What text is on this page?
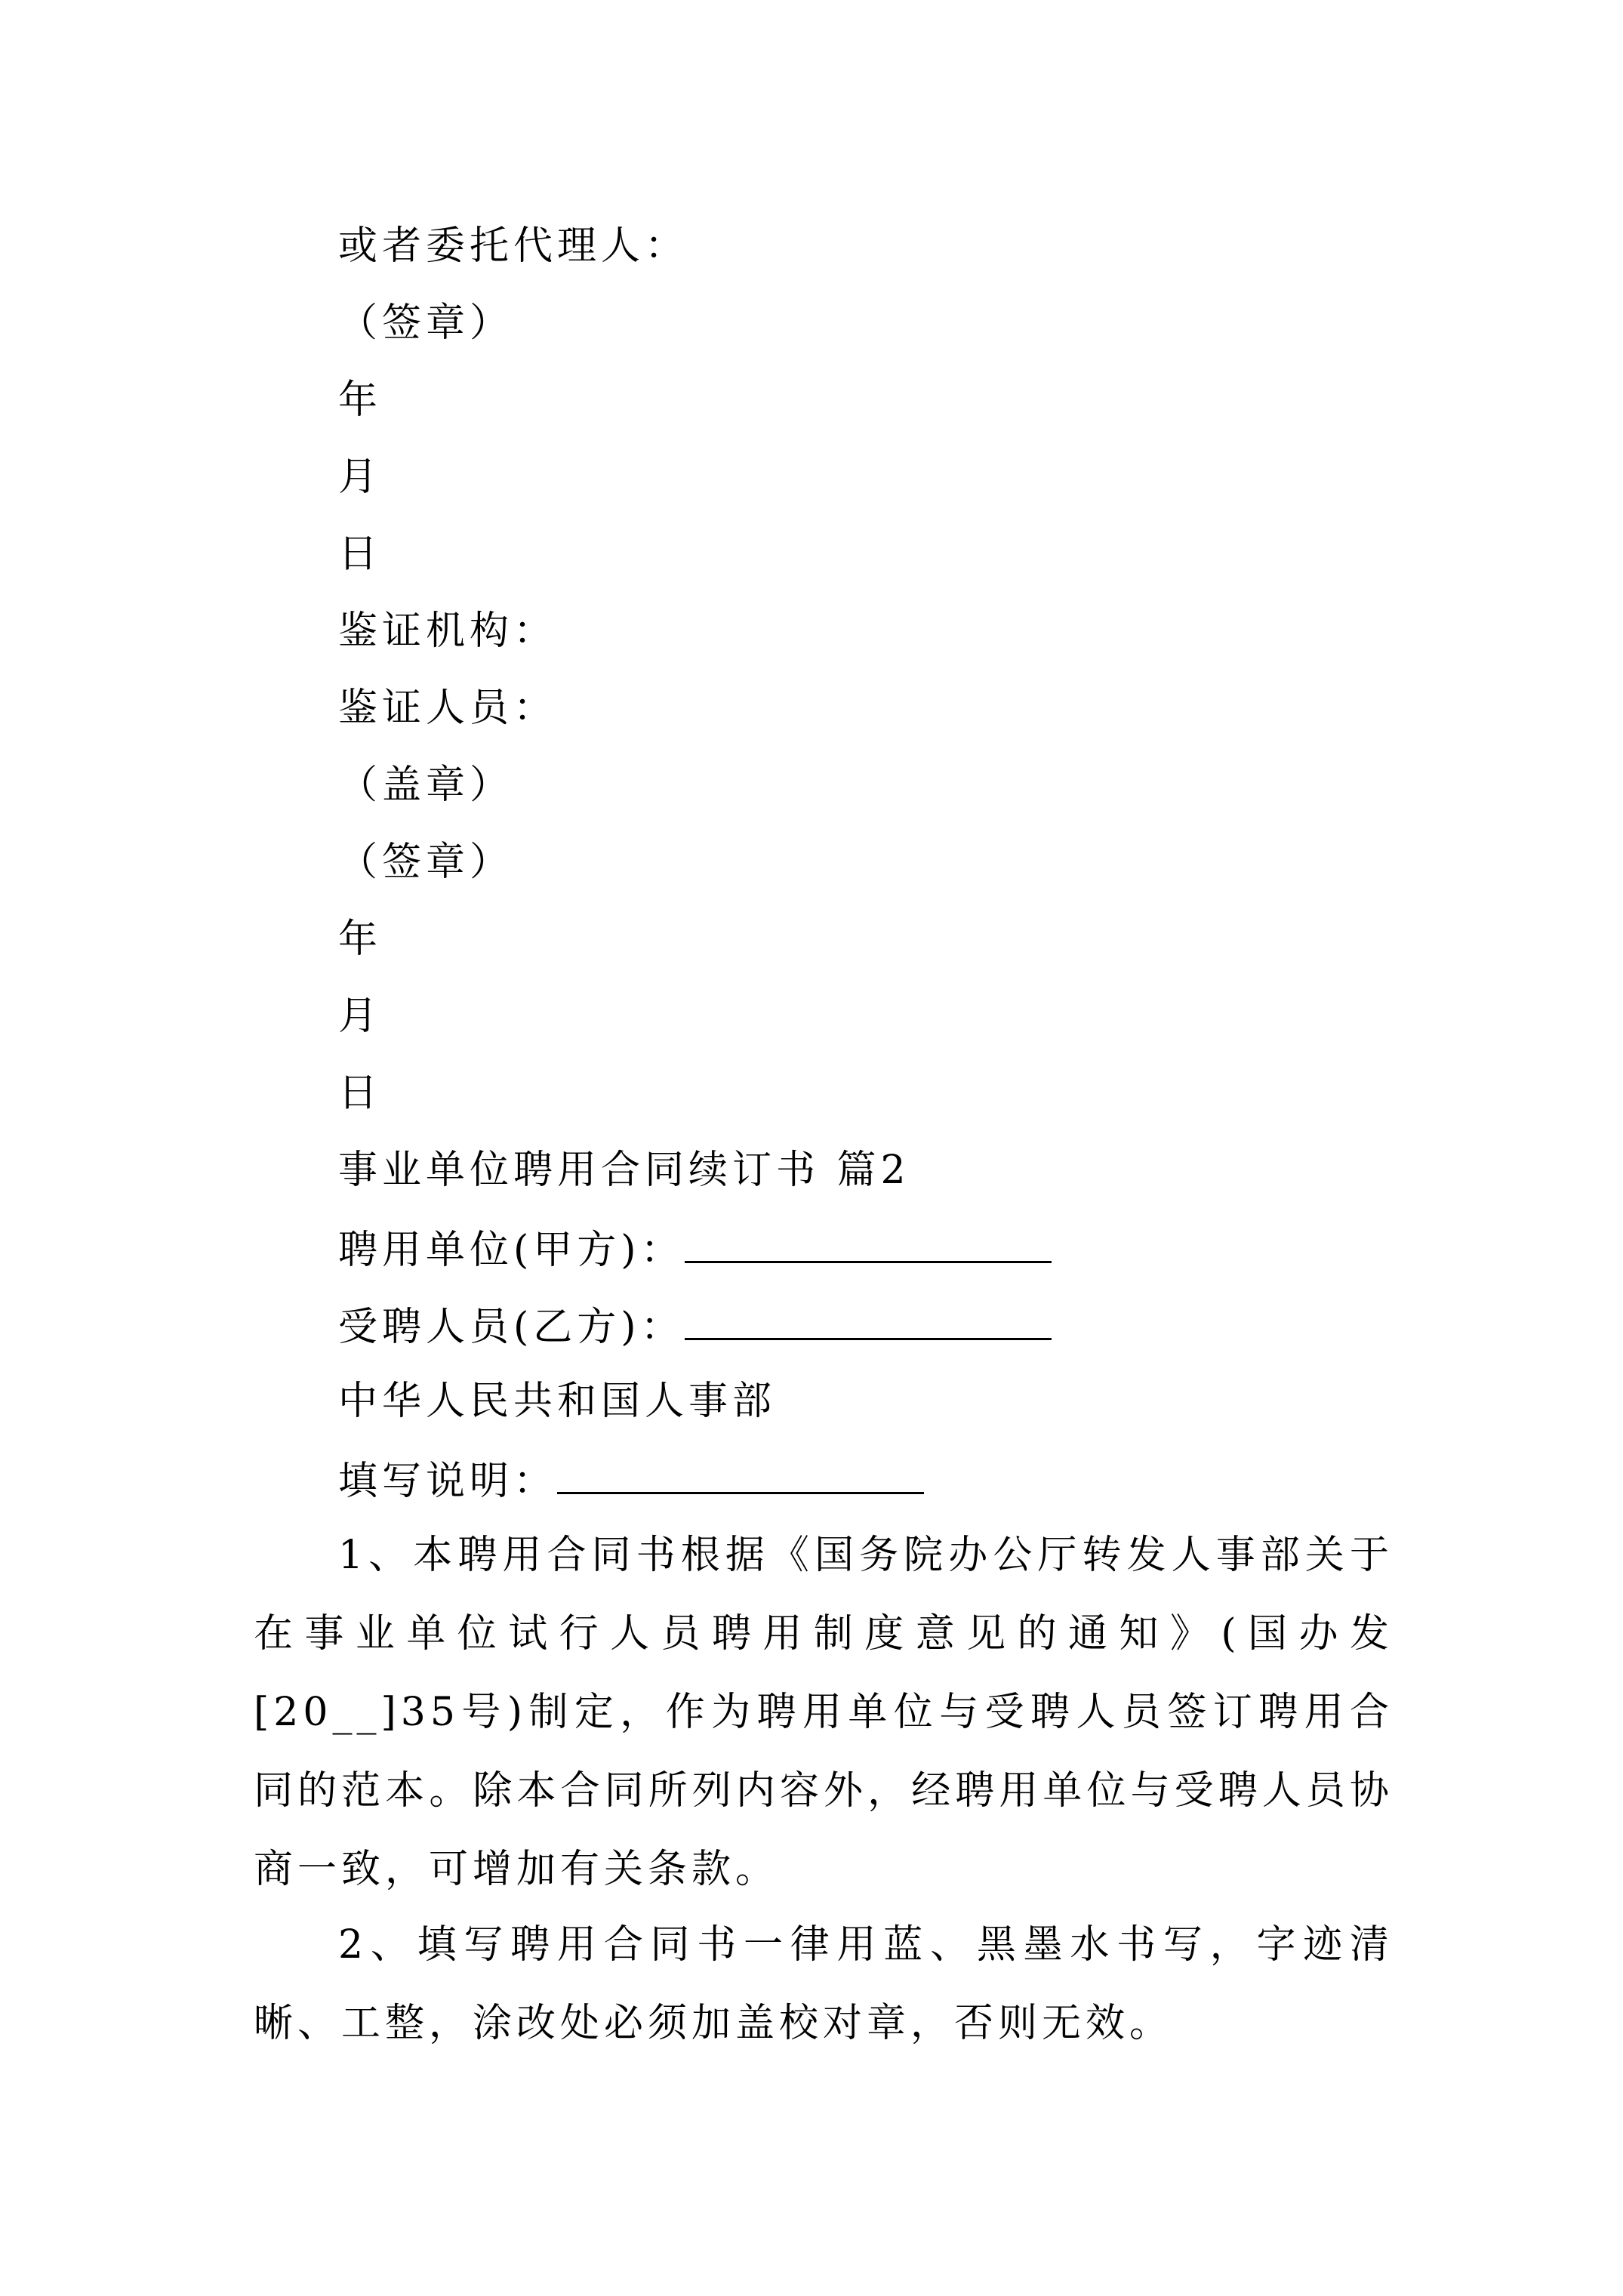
或者委托代理人：
（签章）
年
月
日
鉴证机构：
鉴证人员：
（盖章）
（签章）
年
月
日
事业单位聘用合同续订书 篇2
聘用单位(甲方)：
受聘人员(乙方)：
中华人民共和国人事部
填写说明：
1、本聘用合同书根据《国务院办公厅转发人事部关于在事业单位试行人员聘用制度意见的通知》(国办发[20__]35号)制定，作为聘用单位与受聘人员签订聘用合同的范本。除本合同所列内容外，经聘用单位与受聘人员协商一致，可增加有关条款。
2、填写聘用合同书一律用蓝、黑墨水书写，字迹清晰、工整，涂改处必须加盖校对章，否则无效。
